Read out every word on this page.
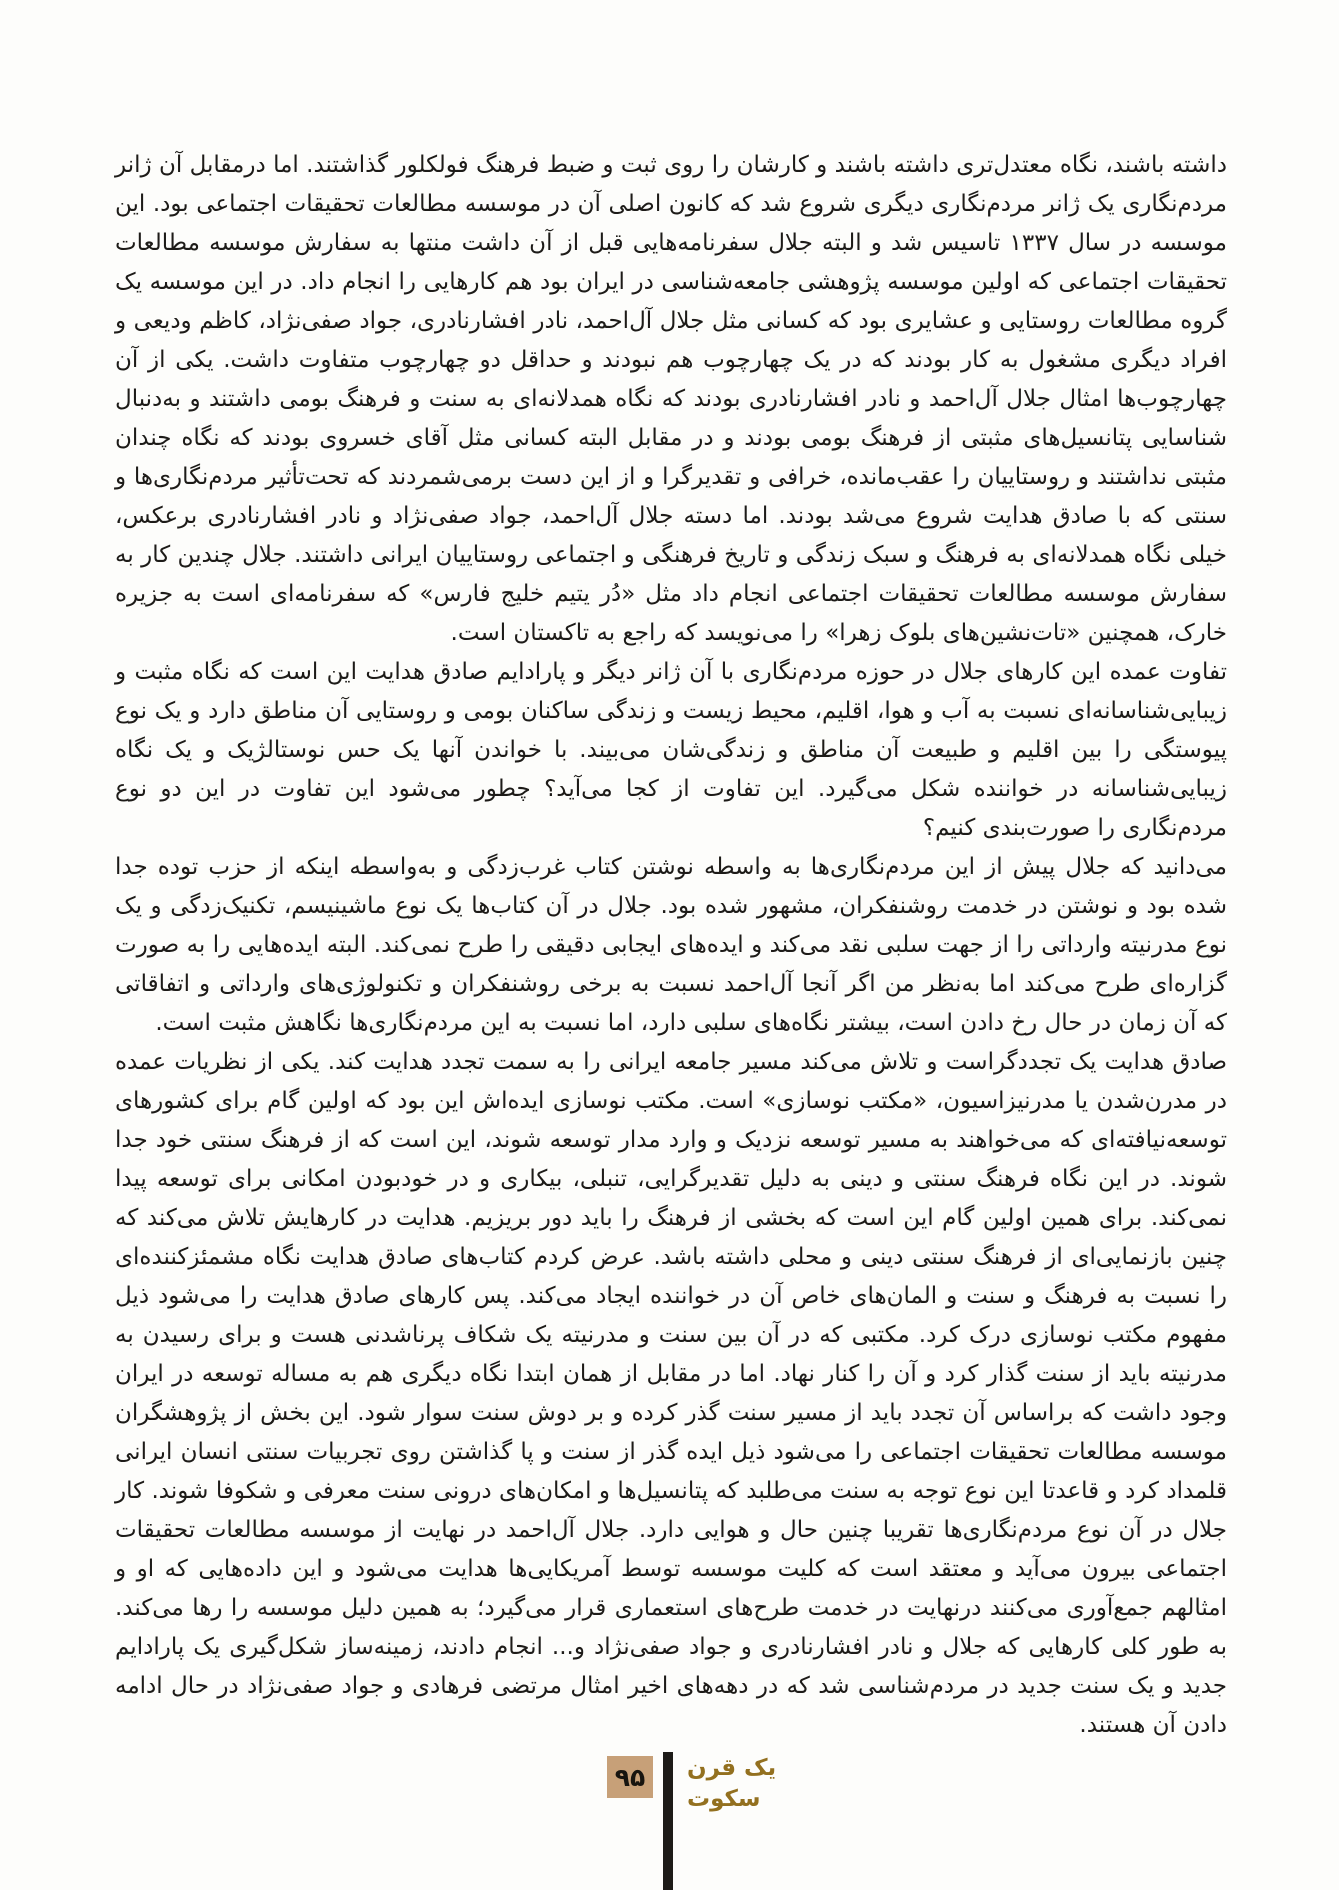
داشته باشند، نگاه معتدل‌تری داشته باشند و کارشان را روی ثبت و ضبط فرهنگ فولکلور گذاشتند. اما درمقابل آن ژانر مردم‌نگاری یک ژانر مردم‌نگاری دیگری شروع شد که کانون اصلی آن در موسسه مطالعات تحقیقات اجتماعی بود. این موسسه در سال ۱۳۳۷ تاسیس شد و البته جلال سفرنامه‌هایی قبل از آن داشت منتها به سفارش موسسه مطالعات تحقیقات اجتماعی که اولین موسسه پژوهشی جامعه‌شناسی در ایران بود هم کارهایی را انجام داد. در این موسسه یک گروه مطالعات روستایی و عشایری بود که کسانی مثل جلال آل‌احمد، نادر افشارنادری، جواد صفی‌نژاد، کاظم ودیعی و افراد دیگری مشغول به کار بودند که در یک چهارچوب هم نبودند و حداقل دو چهارچوب متفاوت داشت. یکی از آن چهارچوب‌ها امثال جلال آل‌احمد و نادر افشارنادری بودند که نگاه همدلانه‌ای به سنت و فرهنگ بومی داشتند و به‌دنبال شناسایی پتانسیل‌های مثبتی از فرهنگ بومی بودند و در مقابل البته کسانی مثل آقای خسروی بودند که نگاه چندان مثبتی نداشتند و روستاییان را عقب‌مانده، خرافی و تقدیرگرا و از این دست برمی‌شمردند که تحت‌تأثیر مردم‌نگاری‌ها و سنتی که با صادق هدایت شروع می‌شد بودند. اما دسته جلال آل‌احمد، جواد صفی‌نژاد و نادر افشارنادری برعکس، خیلی نگاه همدلانه‌ای به فرهنگ و سبک زندگی و تاریخ فرهنگی و اجتماعی روستاییان ایرانی داشتند. جلال چندین کار به سفارش موسسه مطالعات تحقیقات اجتماعی انجام داد مثل «دُر یتیم خلیج فارس» که سفرنامه‌ای است به جزیره خارک، همچنین «تات‌نشین‌های بلوک زهرا» را می‌نویسد که راجع به تاکستان است.

تفاوت عمده این کارهای جلال در حوزه مردم‌نگاری با آن ژانر دیگر و پارادایم صادق هدایت این است که نگاه مثبت و زیبایی‌شناسانه‌ای نسبت به آب و هوا، اقلیم، محیط زیست و زندگی ساکنان بومی و روستایی آن مناطق دارد و یک نوع پیوستگی را بین اقلیم و طبیعت آن مناطق و زندگی‌شان می‌بیند. با خواندن آنها یک حس نوستالژیک و یک نگاه زیبایی‌شناسانه در خواننده شکل می‌گیرد. این تفاوت از کجا می‌آید؟ چطور می‌شود این تفاوت در این دو نوع مردم‌نگاری را صورت‌بندی کنیم؟

می‌دانید که جلال پیش از این مردم‌نگاری‌ها به واسطه نوشتن کتاب غرب‌زدگی و به‌واسطه اینکه از حزب توده جدا شده بود و نوشتن در خدمت روشنفکران، مشهور شده بود. جلال در آن کتاب‌ها یک نوع ماشینیسم، تکنیک‌زدگی و یک نوع مدرنیته وارداتی را از جهت سلبی نقد می‌کند و ایده‌های ایجابی دقیقی را طرح نمی‌کند. البته ایده‌هایی را به صورت گزاره‌ای طرح می‌کند اما به‌نظر من اگر آنجا آل‌احمد نسبت به برخی روشنفکران و تکنولوژی‌های وارداتی و اتفاقاتی که آن زمان در حال رخ دادن است، بیشتر نگاه‌های سلبی دارد، اما نسبت به این مردم‌نگاری‌ها نگاهش مثبت است.

صادق هدایت یک تجددگراست و تلاش می‌کند مسیر جامعه ایرانی را به سمت تجدد هدایت کند. یکی از نظریات عمده در مدرن‌شدن یا مدرنیزاسیون، «مکتب نوسازی» است. مکتب نوسازی ایده‌اش این بود که اولین گام برای کشورهای توسعه‌نیافته‌ای که می‌خواهند به مسیر توسعه نزدیک و وارد مدار توسعه شوند، این است که از فرهنگ سنتی خود جدا شوند. در این نگاه فرهنگ سنتی و دینی به دلیل تقدیرگرایی، تنبلی، بیکاری و در خودبودن امکانی برای توسعه پیدا نمی‌کند. برای همین اولین گام این است که بخشی از فرهنگ را باید دور بریزیم. هدایت در کارهایش تلاش می‌کند که چنین بازنمایی‌ای از فرهنگ سنتی دینی و محلی داشته باشد. عرض کردم کتاب‌های صادق هدایت نگاه مشمئزکننده‌ای را نسبت به فرهنگ و سنت و المان‌های خاص آن در خواننده ایجاد می‌کند. پس کارهای صادق هدایت را می‌شود ذیل مفهوم مکتب نوسازی درک کرد. مکتبی که در آن بین سنت و مدرنیته یک شکاف پرناشدنی هست و برای رسیدن به مدرنیته باید از سنت گذار کرد و آن را کنار نهاد. اما در مقابل از همان ابتدا نگاه دیگری هم به مساله توسعه در ایران وجود داشت که براساس آن تجدد باید از مسیر سنت گذر کرده و بر دوش سنت سوار شود. این بخش از پژوهشگران موسسه مطالعات تحقیقات اجتماعی را می‌شود ذیل ایده گذر از سنت و پا گذاشتن روی تجربیات سنتی انسان ایرانی قلمداد کرد و قاعدتا این نوع توجه به سنت می‌طلبد که پتانسیل‌ها و امکان‌های درونی سنت معرفی و شکوفا شوند. کار جلال در آن نوع مردم‌نگاری‌ها تقریبا چنین حال و هوایی دارد. جلال آل‌احمد در نهایت از موسسه مطالعات تحقیقات اجتماعی بیرون می‌آید و معتقد است که کلیت موسسه توسط آمریکایی‌ها هدایت می‌شود و این داده‌هایی که او و امثالهم جمع‌آوری می‌کنند درنهایت در خدمت طرح‌های استعماری قرار می‌گیرد؛ به همین دلیل موسسه را رها می‌کند. به طور کلی کارهایی که جلال و نادر افشارنادری و جواد صفی‌نژاد و... انجام دادند، زمینه‌ساز شکل‌گیری یک پارادایم جدید و یک سنت جدید در مردم‌شناسی شد که در دهه‌های اخیر امثال مرتضی فرهادی و جواد صفی‌نژاد در حال ادامه دادن آن هستند.

۹۵ یک قرن
سکوت
